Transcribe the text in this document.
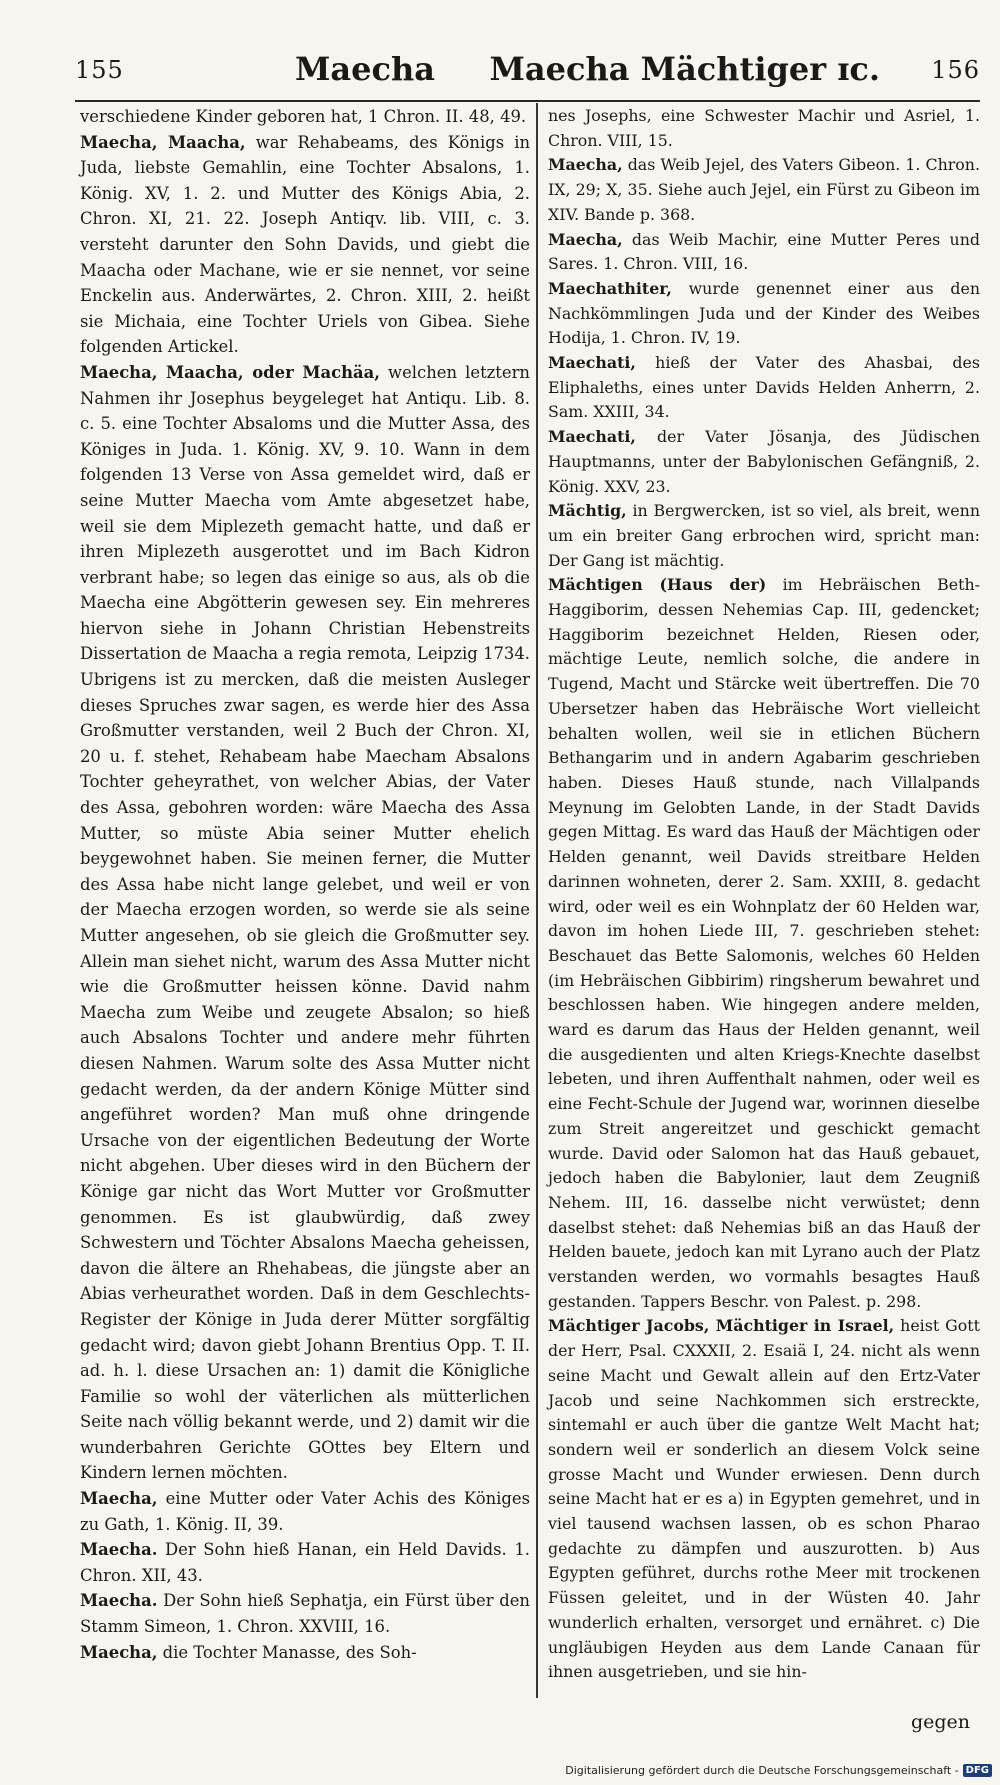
155	Maecha Maecha Mächtiger ɪc. 156

verschiedene Kinder geboren hat, 1 Chron. II. 48, 49.

Maecha, Maacha, war Rehabeams, des Königs in Juda, liebste Gemahlin, eine Tochter Absalons, 1. König. XV, 1. 2. und Mutter des Königs Abia, 2. Chron. XI, 21. 22. Joseph Antiqv. lib. VIII, c. 3. versteht darunter den Sohn Davids, und giebt die Maacha oder Machane, wie er sie nennet, vor seine Enckelin aus. Anderwärtes, 2. Chron. XIII, 2. heißt sie Michaia, eine Tochter Uriels von Gibea. Siehe folgenden Artickel.

Maecha, Maacha, oder Machäa, welchen letztern Nahmen ihr Josephus beygeleget hat Antiqu. Lib. 8. c. 5. eine Tochter Absaloms und die Mutter Assa, des Königes in Juda. 1. König. XV, 9. 10. Wann in dem folgenden 13 Verse von Assa gemeldet wird, daß er seine Mutter Maecha vom Amte abgesetzet habe, weil sie dem Miplezeth gemacht hatte, und daß er ihren Miplezeth ausgerottet und im Bach Kidron verbrant habe; so legen das einige so aus, als ob die Maecha eine Abgötterin gewesen sey. Ein mehreres hiervon siehe in Johann Christian Hebenstreits Dissertation de Maacha a regia remota, Leipzig 1734. Ubrigens ist zu mercken, daß die meisten Ausleger dieses Spruches zwar sagen, es werde hier des Assa Großmutter verstanden, weil 2 Buch der Chron. XI, 20 u. f. stehet, Rehabeam habe Maecham Absalons Tochter geheyrathet, von welcher Abias, der Vater des Assa, gebohren worden: wäre Maecha des Assa Mutter, so müste Abia seiner Mutter ehelich beygewohnet haben. Sie meinen ferner, die Mutter des Assa habe nicht lange gelebet, und weil er von der Maecha erzogen worden, so werde sie als seine Mutter angesehen, ob sie gleich die Großmutter sey. Allein man siehet nicht, warum des Assa Mutter nicht wie die Großmutter heissen könne. David nahm Maecha zum Weibe und zeugete Absalon; so hieß auch Absalons Tochter und andere mehr führten diesen Nahmen. Warum solte des Assa Mutter nicht gedacht werden, da der andern Könige Mütter sind angeführet worden? Man muß ohne dringende Ursache von der eigentlichen Bedeutung der Worte nicht abgehen. Uber dieses wird in den Büchern der Könige gar nicht das Wort Mutter vor Großmutter genommen. Es ist glaubwürdig, daß zwey Schwestern und Töchter Absalons Maecha geheissen, davon die ältere an Rhehabeas, die jüngste aber an Abias verheurathet worden. Daß in dem Geschlechts-Register der Könige in Juda derer Mütter sorgfältig gedacht wird; davon giebt Johann Brentius Opp. T. II. ad. h. l. diese Ursachen an: 1) damit die Königliche Familie so wohl der väterlichen als mütterlichen Seite nach völlig bekannt werde, und 2) damit wir die wunderbahren Gerichte GOttes bey Eltern und Kindern lernen möchten.

Maecha, eine Mutter oder Vater Achis des Königes zu Gath, 1. König. II, 39.

Maecha. Der Sohn hieß Hanan, ein Held Davids. 1. Chron. XII, 43.

Maecha. Der Sohn hieß Sephatja, ein Fürst über den Stamm Simeon, 1. Chron. XXVIII, 16.

Maecha, die Tochter Manasse, des Soh-

nes Josephs, eine Schwester Machir und Asriel, 1. Chron. VIII, 15.

Maecha, das Weib Jejel, des Vaters Gibeon. 1. Chron. IX, 29; X, 35. Siehe auch Jejel, ein Fürst zu Gibeon im XIV. Bande p. 368.

Maecha, das Weib Machir, eine Mutter Peres und Sares. 1. Chron. VIII, 16.

Maechathiter, wurde genennet einer aus den Nachkömmlingen Juda und der Kinder des Weibes Hodija, 1. Chron. IV, 19.

Maechati, hieß der Vater des Ahasbai, des Eliphaleths, eines unter Davids Helden Anherrn, 2. Sam. XXIII, 34.

Maechati, der Vater Jösanja, des Jüdischen Hauptmanns, unter der Babylonischen Gefängniß, 2. König. XXV, 23.

Mächtig, in Bergwercken, ist so viel, als breit, wenn um ein breiter Gang erbrochen wird, spricht man: Der Gang ist mächtig.

Mächtigen (Haus der) im Hebräischen Beth-Haggiborim, dessen Nehemias Cap. III, gedencket; Haggiborim bezeichnet Helden, Riesen oder, mächtige Leute, nemlich solche, die andere in Tugend, Macht und Stärcke weit übertreffen. Die 70 Ubersetzer haben das Hebräische Wort vielleicht behalten wollen, weil sie in etlichen Büchern Bethangarim und in andern Agabarim geschrieben haben. Dieses Hauß stunde, nach Villalpands Meynung im Gelobten Lande, in der Stadt Davids gegen Mittag. Es ward das Hauß der Mächtigen oder Helden genannt, weil Davids streitbare Helden darinnen wohneten, derer 2. Sam. XXIII, 8. gedacht wird, oder weil es ein Wohnplatz der 60 Helden war, davon im hohen Liede III, 7. geschrieben stehet: Beschauet das Bette Salomonis, welches 60 Helden (im Hebräischen Gibbirim) ringsherum bewahret und beschlossen haben. Wie hingegen andere melden, ward es darum das Haus der Helden genannt, weil die ausgedienten und alten Kriegs-Knechte daselbst lebeten, und ihren Auffenthalt nahmen, oder weil es eine Fecht-Schule der Jugend war, worinnen dieselbe zum Streit angereitzet und geschickt gemacht wurde. David oder Salomon hat das Hauß gebauet, jedoch haben die Babylonier, laut dem Zeugniß Nehem. III, 16. dasselbe nicht verwüstet; denn daselbst stehet: daß Nehemias biß an das Hauß der Helden bauete, jedoch kan mit Lyrano auch der Platz verstanden werden, wo vormahls besagtes Hauß gestanden. Tappers Beschr. von Palest. p. 298.

Mächtiger Jacobs, Mächtiger in Israel, heist Gott der Herr, Psal. CXXXII, 2. Esaiä I, 24. nicht als wenn seine Macht und Gewalt allein auf den Ertz-Vater Jacob und seine Nachkommen sich erstreckte, sintemahl er auch über die gantze Welt Macht hat; sondern weil er sonderlich an diesem Volck seine grosse Macht und Wunder erwiesen. Denn durch seine Macht hat er es a) in Egypten gemehret, und in viel tausend wachsen lassen, ob es schon Pharao gedachte zu dämpfen und auszurotten. b) Aus Egypten geführet, durchs rothe Meer mit trockenen Füssen geleitet, und in der Wüsten 40. Jahr wunderlich erhalten, versorget und ernähret. c) Die ungläubigen Heyden aus dem Lande Canaan für ihnen ausgetrieben, und sie hin-

gegen
Digitalisierung gefördert durch die Deutsche Forschungsgemeinschaft - DFG
